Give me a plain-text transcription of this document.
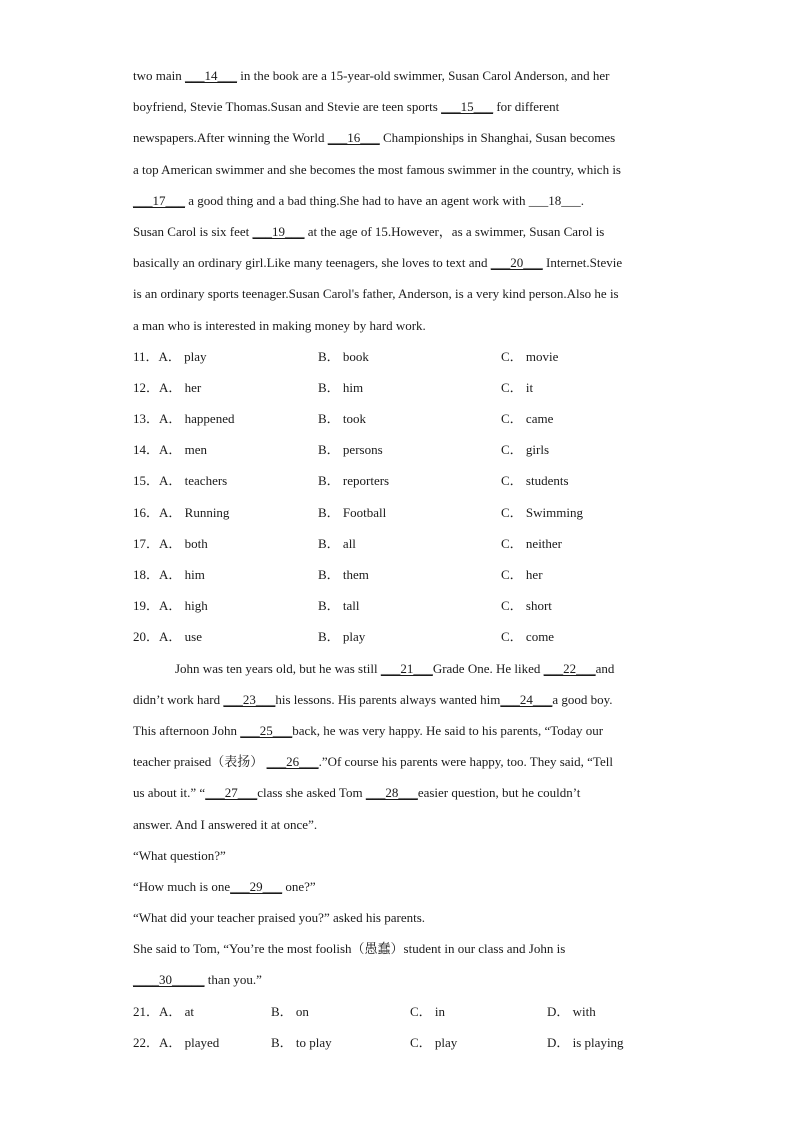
two main ___14___ in the book are a 15-year-old swimmer, Susan Carol Anderson, and her
boyfriend, Stevie Thomas.Susan and Stevie are teen sports ___15___ for different
newspapers.After winning the World ___16___ Championships in Shanghai, Susan becomes
a top American swimmer and she becomes the most famous swimmer in the country, which is
___17___ a good thing and a bad thing.She had to have an agent work with ___18___.
Susan Carol is six feet ___19___ at the age of 15.However，as a swimmer, Susan Carol is
basically an ordinary girl.Like many teenagers, she loves to text and ___20___ Internet.Stevie
is an ordinary sports teenager.Susan Carol's father, Anderson, is a very kind person.Also he is
a man who is interested in making money by hard work.
11．A． play	B． book	C． movie
12．A． her	B． him	C． it
13．A． happened	B． took	C． came
14．A． men	B． persons	C． girls
15．A． teachers	B． reporters	C． students
16．A． Running	B． Football	C． Swimming
17．A． both	B． all	C． neither
18．A． him	B． them	C． her
19．A． high	B． tall	C． short
20．A． use	B． play	C． come
John was ten years old, but he was still ___21___Grade One. He liked ___22___and
didn’t work hard ___23___his lessons. His parents always wanted him___24___a good boy.
This afternoon John ___25___back, he was very happy. He said to his parents, “Today our
teacher praised（表扬） ___26___.”Of course his parents were happy, too. They said, “Tell
us about it.” “___27___class she asked Tom ___28___easier question, but he couldn’t
answer. And I answered it at once”.
“What question?”
“How much is one___29___ one?”
“What did your teacher praised you?” asked his parents.
She said to Tom, “You’re the most foolish（愚蠢）student in our class and John is
____30_____ than you.”
21．A． at	B． on	C． in	D． with
22．A． played	B． to play	C． play	D． is playing
